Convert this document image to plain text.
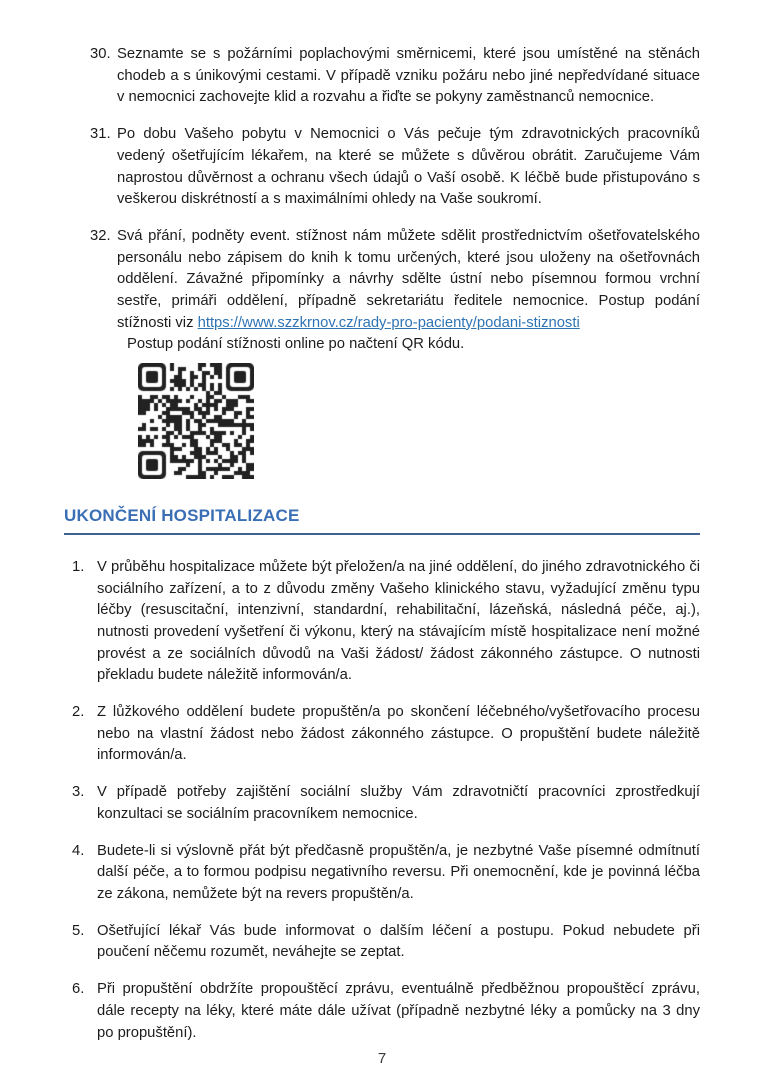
30. Seznamte se s požárními poplachovými směrnicemi, které jsou umístěné na stěnách chodeb a s únikovými cestami. V případě vzniku požáru nebo jiné nepředvídané situace v nemocnici zachovejte klid a rozvahu a řiďte se pokyny zaměstnanců nemocnice.
31. Po dobu Vašeho pobytu v Nemocnici o Vás pečuje tým zdravotnických pracovníků vedený ošetřujícím lékařem, na které se můžete s důvěrou obrátit. Zaručujeme Vám naprostou důvěrnost a ochranu všech údajů o Vaší osobě. K léčbě bude přistupováno s veškerou diskrétností a s maximálními ohledy na Vaše soukromí.
32. Svá přání, podněty event. stížnost nám můžete sdělit prostřednictvím ošetřovatelského personálu nebo zápisem do knih k tomu určených, které jsou uloženy na ošetřovnách oddělení. Závažné připomínky a návrhy sdělte ústní nebo písemnou formou vrchní sestře, primáři oddělení, případně sekretariátu ředitele nemocnice. Postup podání stížnosti viz https://www.szzkrnov.cz/rady-pro-pacienty/podani-stiznosti
Postup podání stížnosti online po načtení QR kódu.
UKONČENÍ HOSPITALIZACE
1. V průběhu hospitalizace můžete být přeložen/a na jiné oddělení, do jiného zdravotnického či sociálního zařízení, a to z důvodu změny Vašeho klinického stavu, vyžadující změnu typu léčby (resuscitační, intenzivní, standardní, rehabilitační, lázeňská, následná péče, aj.), nutnosti provedení vyšetření či výkonu, který na stávajícím místě hospitalizace není možné provést a ze sociálních důvodů na Vaši žádost/ žádost zákonného zástupce. O nutnosti překladu budete náležitě informován/a.
2. Z lůžkového oddělení budete propuštěn/a po skončení léčebného/vyšetřovacího procesu nebo na vlastní žádost nebo žádost zákonného zástupce. O propuštění budete náležitě informován/a.
3. V případě potřeby zajištění sociální služby Vám zdravotničtí pracovníci zprostředkují konzultaci se sociálním pracovníkem nemocnice.
4. Budete-li si výslovně přát být předčasně propuštěn/a, je nezbytné Vaše písemné odmítnutí další péče, a to formou podpisu negativního reversu. Při onemocnění, kde je povinná léčba ze zákona, nemůžete být na revers propuštěn/a.
5. Ošetřující lékař Vás bude informovat o dalším léčení a postupu. Pokud nebudete při poučení něčemu rozumět, neváhejte se zeptat.
6. Při propuštění obdržíte propouštěcí zprávu, eventuálně předběžnou propouštěcí zprávu, dále recepty na léky, které máte dále užívat (případně nezbytné léky a pomůcky na 3 dny po propuštění).
7
